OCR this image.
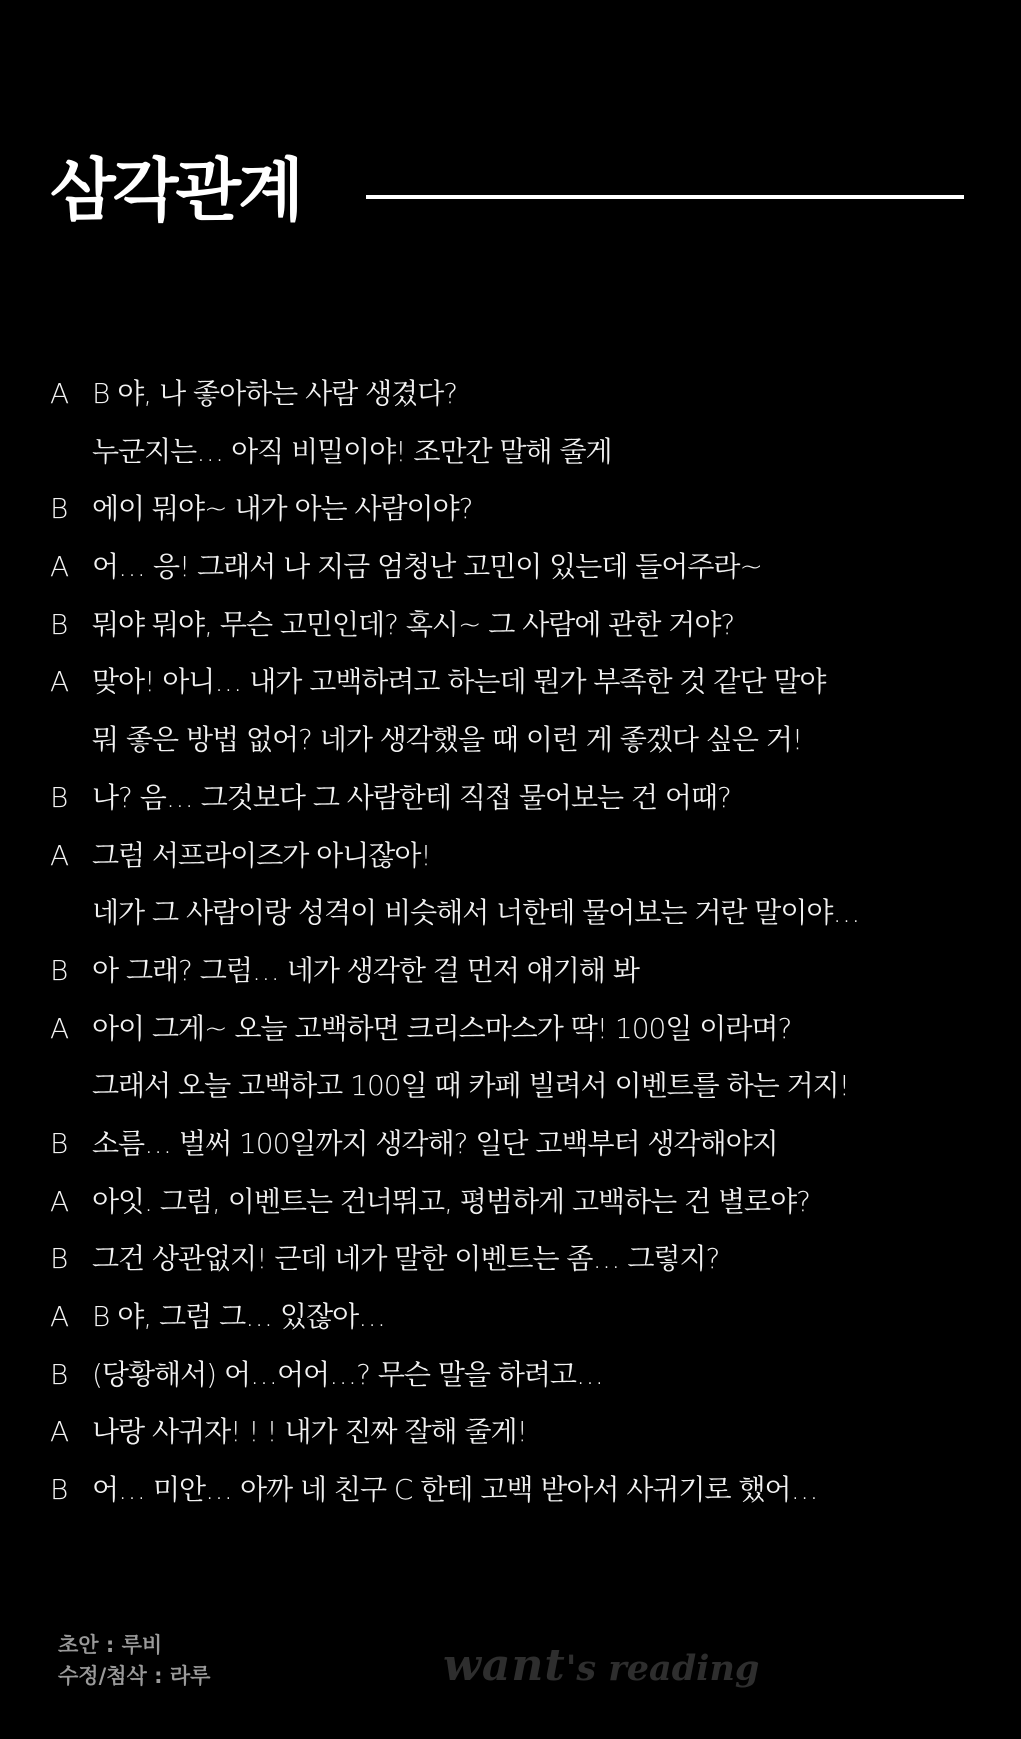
삼각관계
A B 야, 나 좋아하는 사람 생겼다?
누군지는… 아직 비밀이야! 조만간 말해 줄게
B 에이 뭐야~ 내가 아는 사람이야?
A 어… 응! 그래서 나 지금 엄청난 고민이 있는데 들어주라~
B 뭐야 뭐야, 무슨 고민인데? 혹시~ 그 사람에 관한 거야?
A 맞아! 아니… 내가 고백하려고 하는데 뭔가 부족한 것 같단 말야
뭐 좋은 방법 없어? 네가 생각했을 때 이런 게 좋겠다 싶은 거!
B 나? 음… 그것보다 그 사람한테 직접 물어보는 건 어때?
A 그럼 서프라이즈가 아니잖아!
네가 그 사람이랑 성격이 비슷해서 너한테 물어보는 거란 말이야…
B 아 그래? 그럼… 네가 생각한 걸 먼저 얘기해 봐
A 아이 그게~ 오늘 고백하면 크리스마스가 딱! 100일 이라며?
그래서 오늘 고백하고 100일 때 카페 빌려서 이벤트를 하는 거지!
B 소름… 벌써 100일까지 생각해? 일단 고백부터 생각해야지
A 아잇. 그럼, 이벤트는 건너뛰고, 평범하게 고백하는 건 별로야?
B 그건 상관없지! 근데 네가 말한 이벤트는 좀… 그렇지?
A B 야, 그럼 그… 있잖아…
B (당황해서) 어…어어…? 무슨 말을 하려고…
A 나랑 사귀자! ! ! 내가 진짜 잘해 줄게!
B 어… 미안… 아까 네 친구 C 한테 고백 받아서 사귀기로 했어…
초안 : 루비
수정/첨삭 : 라루	want's reading
